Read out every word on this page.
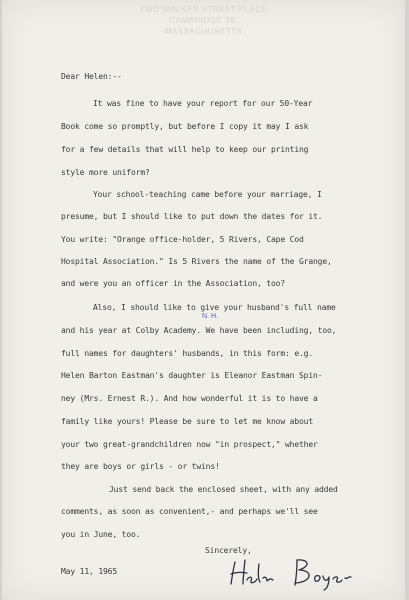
TWO WALKER STREET PLACE
CAMBRIDGE 38,
MASSACHUSETTS
Dear Helen:--
It was fine to have your report for our 50-Year
Book come so promptly, but before I copy it may I ask
for a few details that will help to keep our printing
style more uniform?
Your school-teaching came before your marriage, I
presume, but I should like to put down the dates for it.
You write: "Orange office-holder, 5 Rivers, Cape Cod
Hospital Association." Is 5 Rivers the name of the Grange,
and were you an officer in the Association, too?
Also, I should like to give your husband's full name
and his year at Colby Academy. We have been including, too,
full names for daughters' husbands, in this form: e.g.
Helen Barton Eastman's daughter is Eleanor Eastman Spin-
ney (Mrs. Ernest R.). And how wonderful it is to have a
family like yours! Please be sure to let me know about
your two great-grandchildren now "in prospect," whether
they are boys or girls - or twins!
Just send back the enclosed sheet, with any added
comments, as soon as convenient,- and perhaps we'll see
you in June, too.
Sincerely,
May 11, 1965
N. H.
